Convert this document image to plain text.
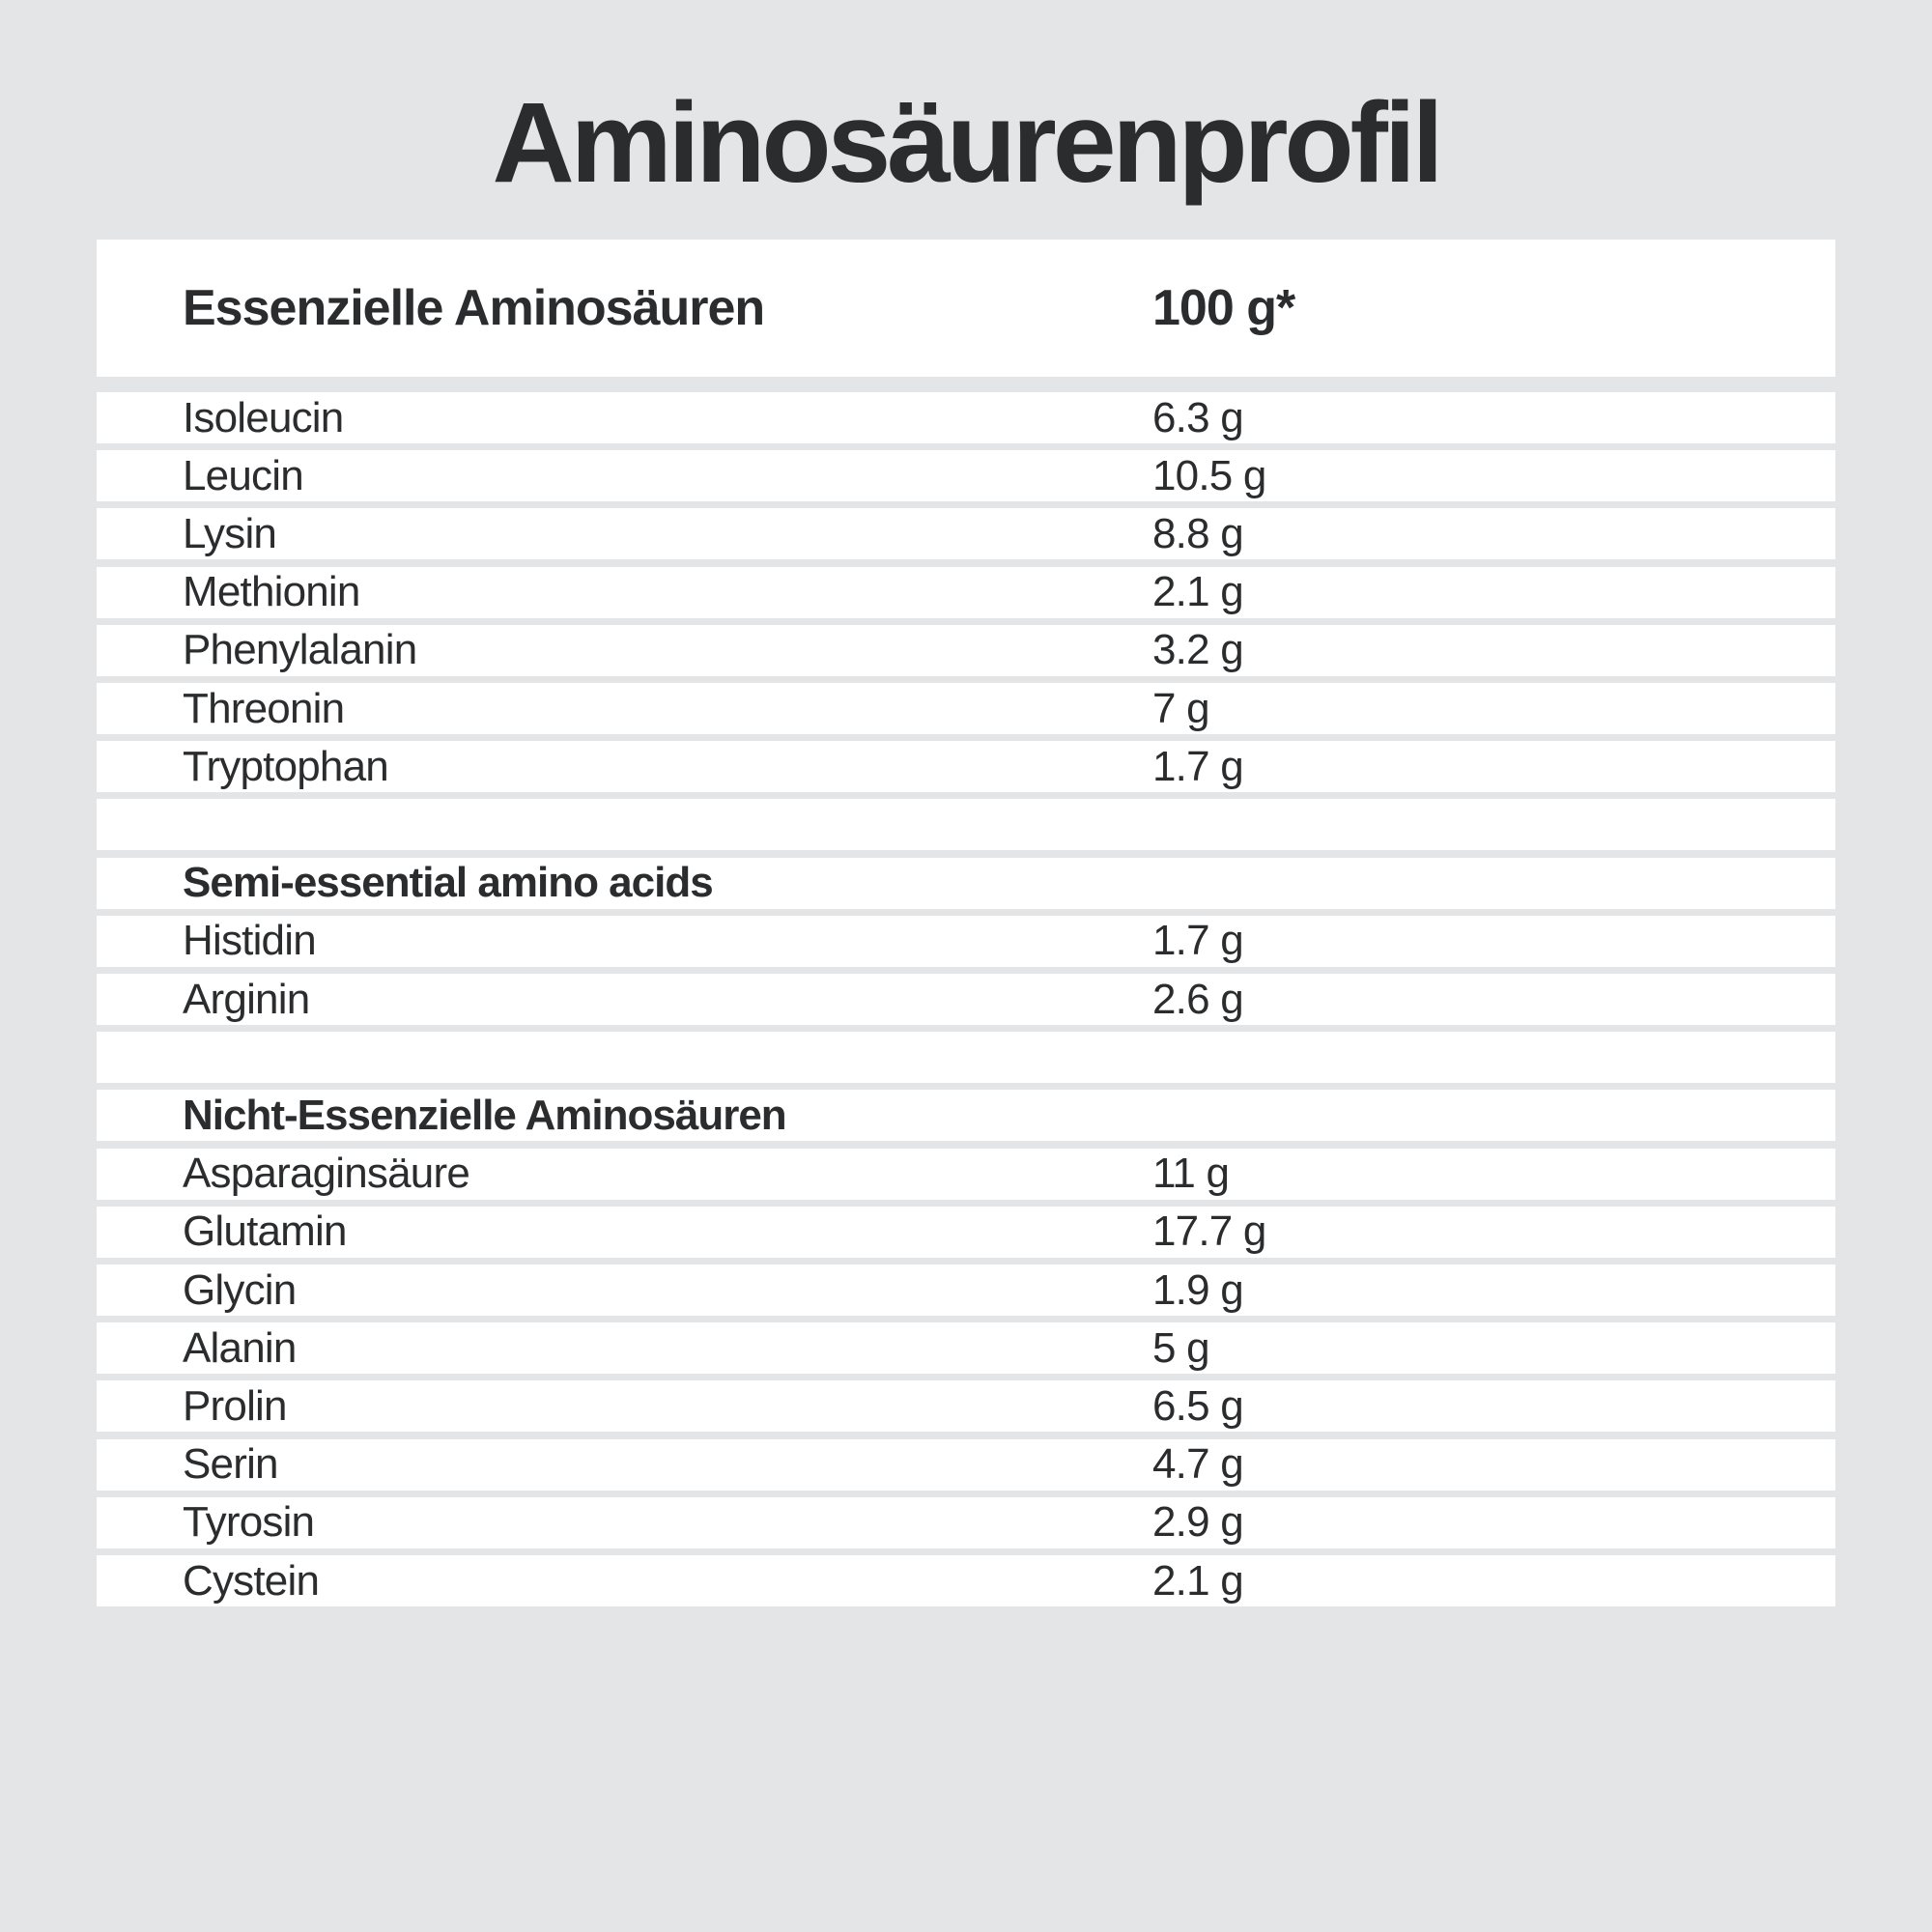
Aminosäurenprofil
Essenzielle Aminosäuren	100 g*
Isoleucin	6.3 g
Leucin	10.5 g
Lysin	8.8 g
Methionin	2.1 g
Phenylalanin	3.2 g
Threonin	7 g
Tryptophan	1.7 g
Semi-essential amino acids
Histidin	1.7 g
Arginin	2.6 g
Nicht-Essenzielle Aminosäuren
Asparaginsäure	11 g
Glutamin	17.7 g
Glycin	1.9 g
Alanin	5 g
Prolin	6.5 g
Serin	4.7 g
Tyrosin	2.9 g
Cystein	2.1 g
